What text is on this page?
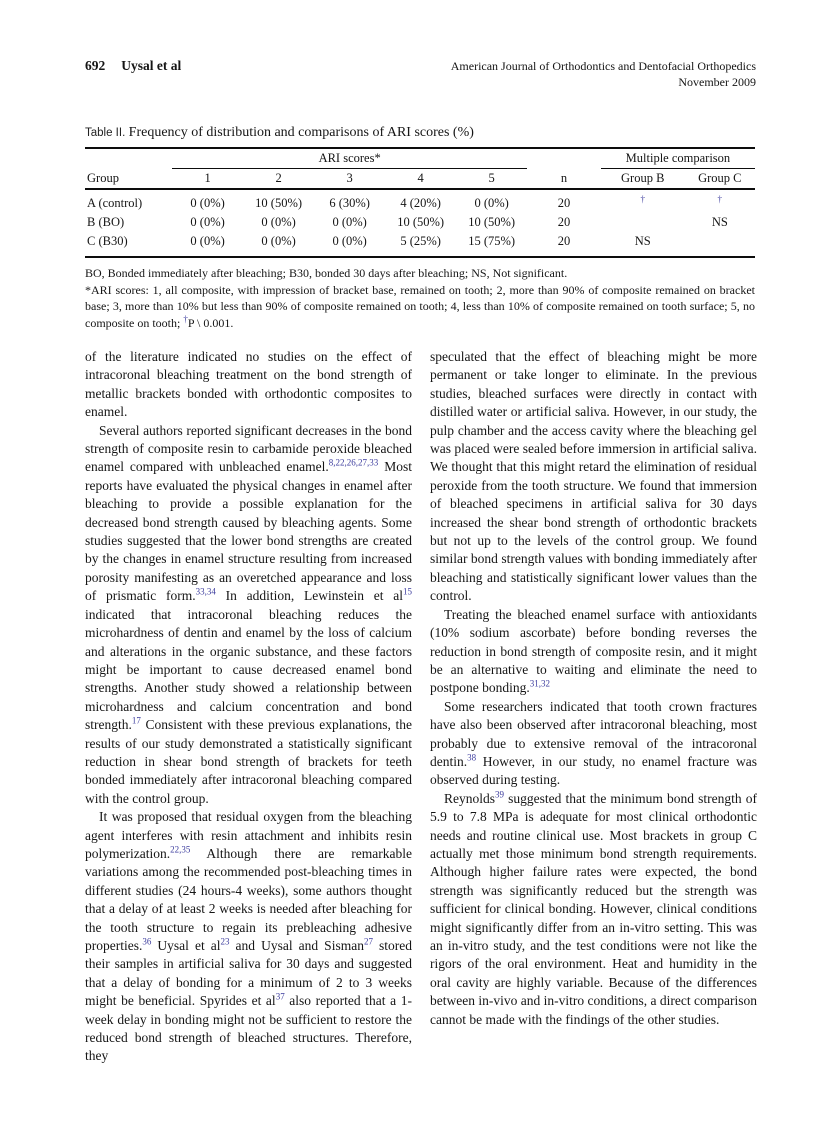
692 Uysal et al	American Journal of Orthodontics and Dentofacial Orthopedics
November 2009
Table II. Frequency of distribution and comparisons of ARI scores (%)
	ARI scores*						Multiple comparison	
Group	1	2	3	4	5	n	Group B	Group C
A (control)	0 (0%)	10 (50%)	6 (30%)	4 (20%)	0 (0%)	20	†	†
B (BO)	0 (0%)	0 (0%)	0 (0%)	10 (50%)	10 (50%)	20		NS
C (B30)	0 (0%)	0 (0%)	0 (0%)	5 (25%)	15 (75%)	20	NS	
BO, Bonded immediately after bleaching; B30, bonded 30 days after bleaching; NS, Not significant.
*ARI scores: 1, all composite, with impression of bracket base, remained on tooth; 2, more than 90% of composite remained on bracket base; 3, more than 10% but less than 90% of composite remained on tooth; 4, less than 10% of composite remained on tooth surface; 5, no composite on tooth; †P \ 0.001.

of the literature indicated no studies on the effect of intracoronal bleaching treatment on the bond strength of metallic brackets bonded with orthodontic composites to enamel.

Several authors reported significant decreases in the bond strength of composite resin to carbamide peroxide bleached enamel compared with unbleached enamel.$^{8,22,26,27,33}$ Most reports have evaluated the physical changes in enamel after bleaching to provide a possible explanation for the decreased bond strength caused by bleaching agents. Some studies suggested that the lower bond strengths are created by the changes in enamel structure resulting from increased porosity manifesting as an overetched appearance and loss of prismatic form.$^{33,34}$ In addition, Lewinstein et al$^{15}$ indicated that intracoronal bleaching reduces the microhardness of dentin and enamel by the loss of calcium and alterations in the organic substance, and these factors might be important to cause decreased enamel bond strengths. Another study showed a relationship between microhardness and calcium concentration and bond strength.$^{17}$ Consistent with these previous explanations, the results of our study demonstrated a statistically significant reduction in shear bond strength of brackets for teeth bonded immediately after intracoronal bleaching compared with the control group.

It was proposed that residual oxygen from the bleaching agent interferes with resin attachment and inhibits resin polymerization.$^{22,35}$ Although there are remarkable variations among the recommended post-bleaching times in different studies (24 hours-4 weeks), some authors thought that a delay of at least 2 weeks is needed after bleaching for the tooth structure to regain its prebleaching adhesive properties.$^{36}$ Uysal et al$^{23}$ and Uysal and Sisman$^{27}$ stored their samples in artificial saliva for 30 days and suggested that a delay of bonding for a minimum of 2 to 3 weeks might be beneficial. Spyrides et al$^{37}$ also reported that a 1-week delay in bonding might not be sufficient to restore the reduced bond strength of bleached structures. Therefore, they

speculated that the effect of bleaching might be more permanent or take longer to eliminate. In the previous studies, bleached surfaces were directly in contact with distilled water or artificial saliva. However, in our study, the pulp chamber and the access cavity where the bleaching gel was placed were sealed before immersion in artificial saliva. We thought that this might retard the elimination of residual peroxide from the tooth structure. We found that immersion of bleached specimens in artificial saliva for 30 days increased the shear bond strength of orthodontic brackets but not up to the levels of the control group. We found similar bond strength values with bonding immediately after bleaching and statistically significant lower values than the control.

Treating the bleached enamel surface with antioxidants (10% sodium ascorbate) before bonding reverses the reduction in bond strength of composite resin, and it might be an alternative to waiting and eliminate the need to postpone bonding.$^{31,32}$

Some researchers indicated that tooth crown fractures have also been observed after intracoronal bleaching, most probably due to extensive removal of the intracoronal dentin.$^{38}$ However, in our study, no enamel fracture was observed during testing.

Reynolds$^{39}$ suggested that the minimum bond strength of 5.9 to 7.8 MPa is adequate for most clinical orthodontic needs and routine clinical use. Most brackets in group C actually met those minimum bond strength requirements. Although higher failure rates were expected, the bond strength was significantly reduced but the strength was sufficient for clinical bonding. However, clinical conditions might significantly differ from an in-vitro setting. This was an in-vitro study, and the test conditions were not like the rigors of the oral environment. Heat and humidity in the oral cavity are highly variable. Because of the differences between in-vivo and in-vitro conditions, a direct comparison cannot be made with the findings of the other studies.
